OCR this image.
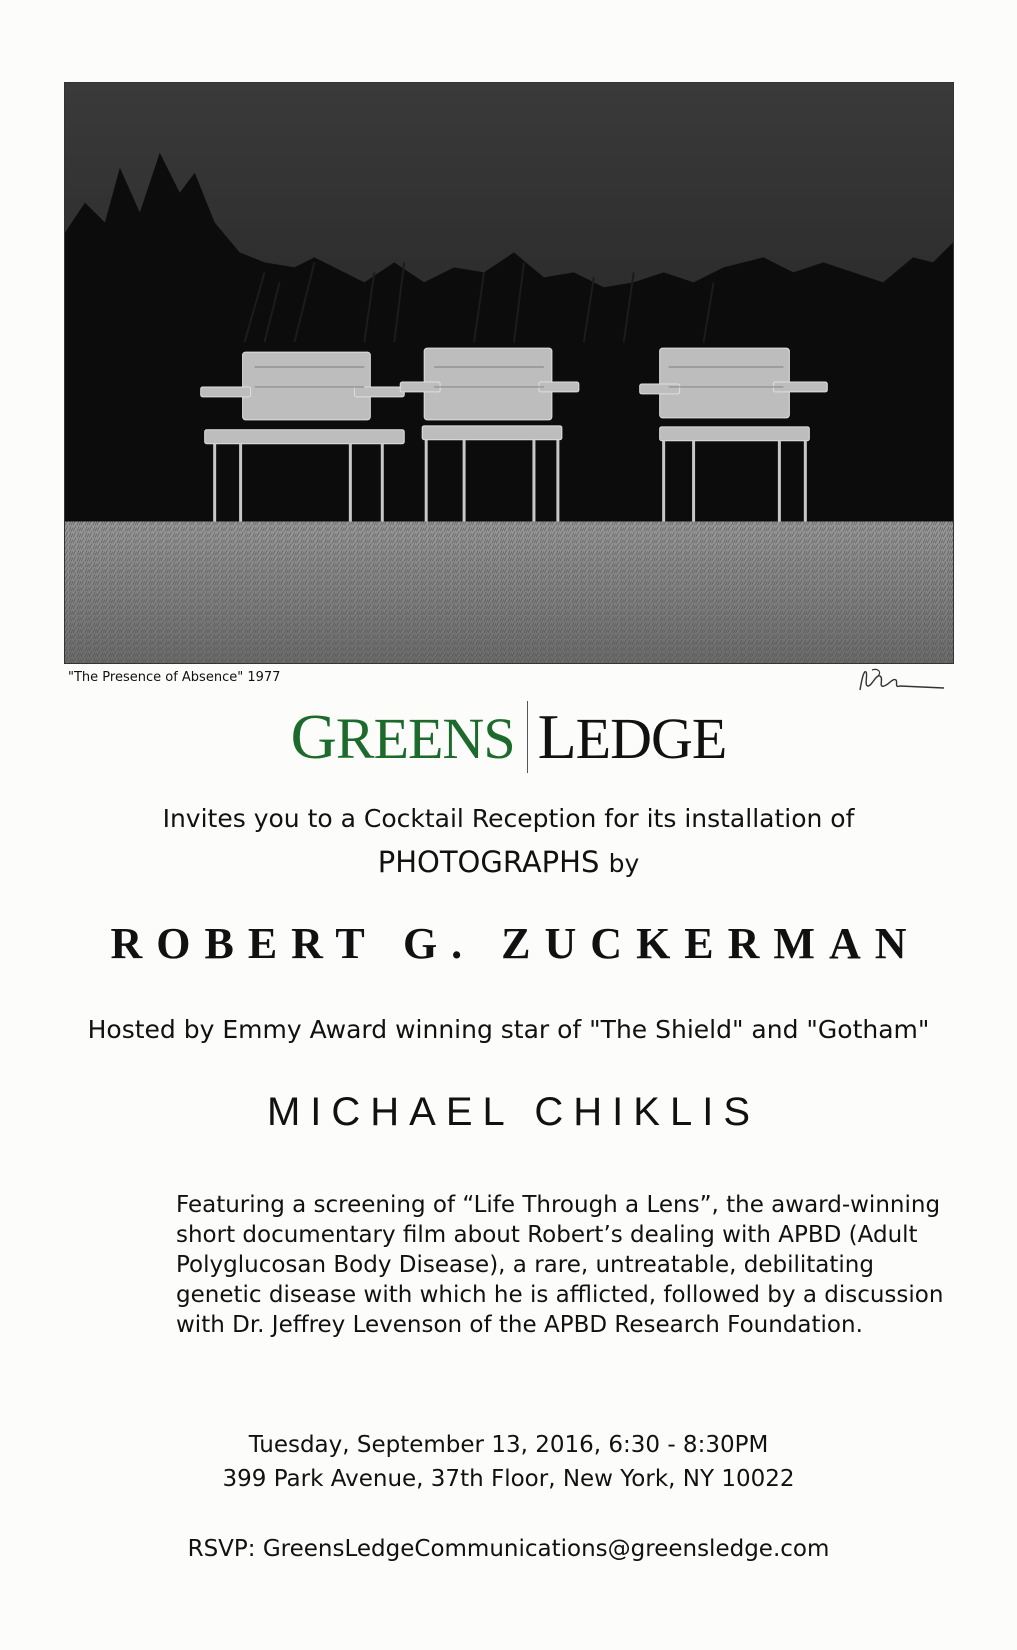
"The Presence of Absence" 1977
GREENS LEDGE
Invites you to a Cocktail Reception for its installation of
PHOTOGRAPHS by
ROBERT G. ZUCKERMAN
Hosted by Emmy Award winning star of "The Shield" and "Gotham"
MICHAEL CHIKLIS
Featuring a screening of “Life Through a Lens”, the award-winning
short documentary film about Robert’s dealing with APBD (Adult
Polyglucosan Body Disease), a rare, untreatable, debilitating
genetic disease with which he is afflicted, followed by a discussion
with Dr. Jeffrey Levenson of the APBD Research Foundation.
Tuesday, September 13, 2016, 6:30 - 8:30PM
399 Park Avenue, 37th Floor, New York, NY 10022
RSVP: GreensLedgeCommunications@greensledge.com
